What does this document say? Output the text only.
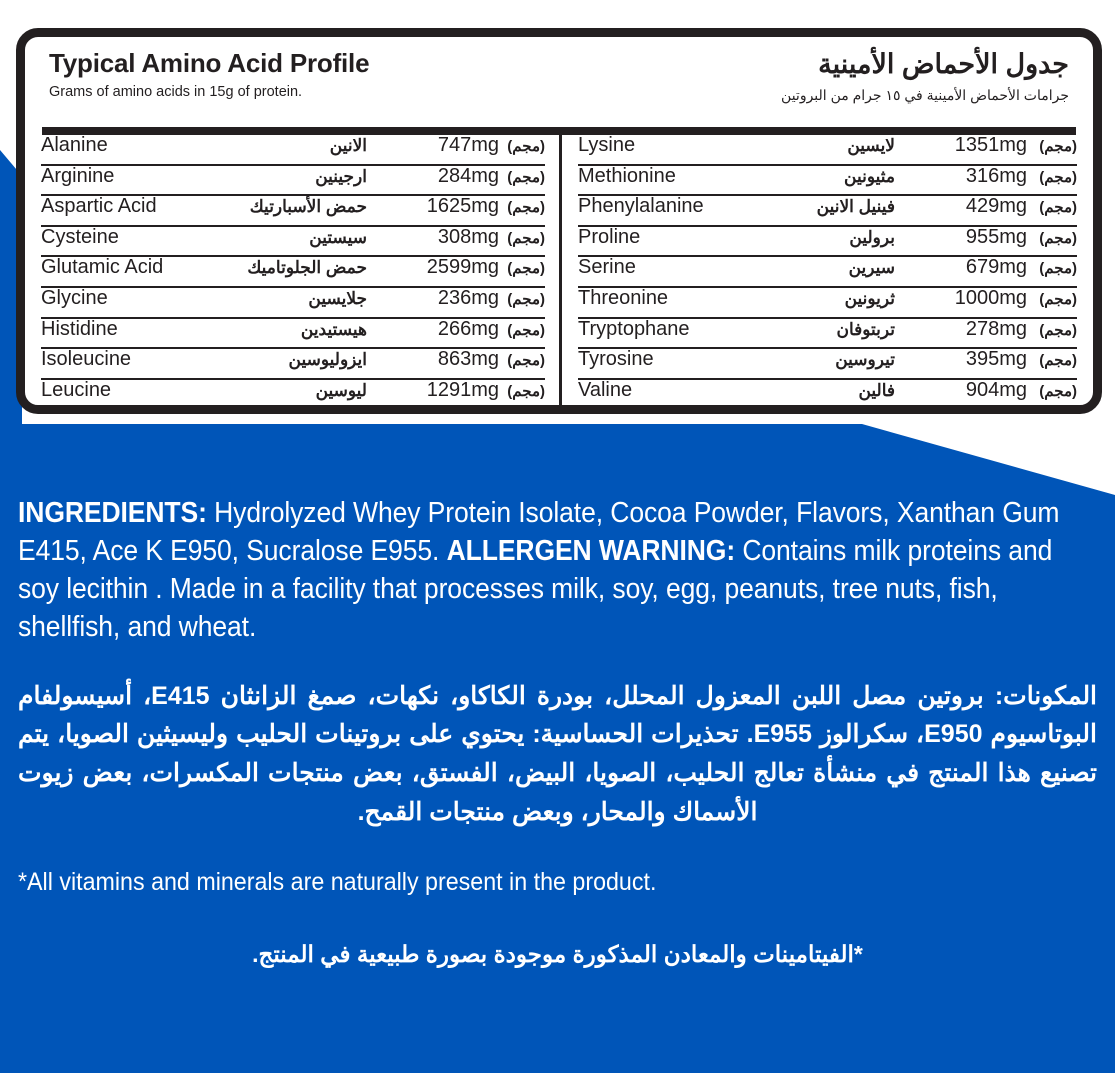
Typical Amino Acid Profile
Grams of amino acids in 15g of protein.
جدول الأحماض الأمينية
جرامات الأحماض الأمينية في ١٥ جرام من البروتين
Alanine	الانين	747mg (مجم)
Arginine	ارجينين	284mg (مجم)
Aspartic Acid	حمض الأسبارتيك	1625mg (مجم)
Cysteine	سيستين	308mg (مجم)
Glutamic Acid	حمض الجلوتاميك	2599mg (مجم)
Glycine	جلايسين	236mg (مجم)
Histidine	هيستيدين	266mg (مجم)
Isoleucine	ايزوليوسين	863mg (مجم)
Leucine	ليوسين	1291mg (مجم)
Lysine	لايسين	1351mg (مجم)
Methionine	مثيونين	316mg (مجم)
Phenylalanine	فينيل الانين	429mg (مجم)
Proline	برولين	955mg (مجم)
Serine	سيرين	679mg (مجم)
Threonine	ثريونين	1000mg (مجم)
Tryptophane	تربتوفان	278mg (مجم)
Tyrosine	تيروسين	395mg (مجم)
Valine	فالين	904mg (مجم)

INGREDIENTS: Hydrolyzed Whey Protein Isolate, Cocoa Powder, Flavors, Xanthan Gum E415, Ace K E950, Sucralose E955. ALLERGEN WARNING: Contains milk proteins and soy lecithin . Made in a facility that processes milk, soy, egg, peanuts, tree nuts, fish, shellfish, and wheat.

المكونات: بروتين مصل اللبن المعزول المحلل، بودرة الكاكاو، نكهات، صمغ الزانثان E415، أسيسولفام البوتاسيوم E950، سكرالوز E955. تحذيرات الحساسية: يحتوي على بروتينات الحليب وليسيثين الصويا، يتم تصنيع هذا المنتج في منشأة تعالج الحليب، الصويا، البيض، الفستق، بعض منتجات المكسرات، بعض زيوت الأسماك والمحار، وبعض منتجات القمح.

*All vitamins and minerals are naturally present in the product.

*الفيتامينات والمعادن المذكورة موجودة بصورة طبيعية في المنتج.
